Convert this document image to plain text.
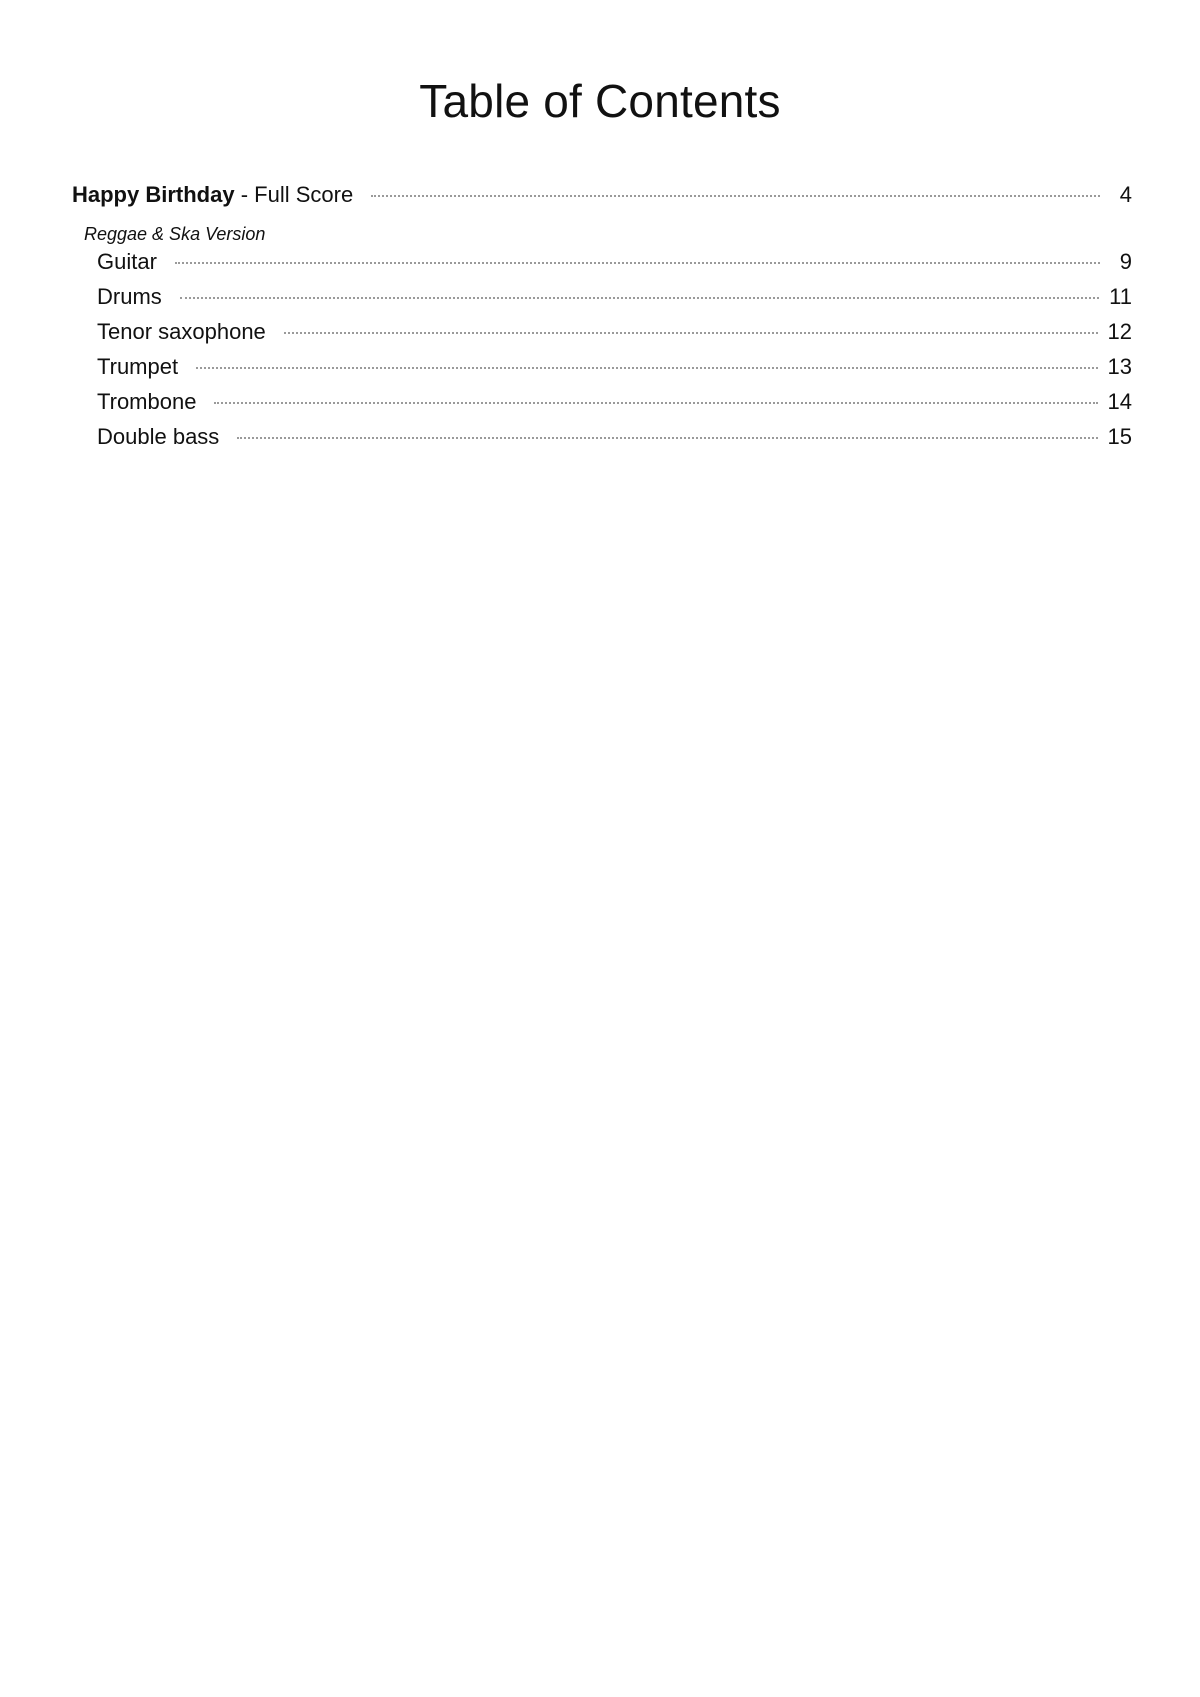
Table of Contents
Happy Birthday - Full Score	4
Reggae & Ska Version
Guitar	9
Drums	11
Tenor saxophone	12
Trumpet	13
Trombone	14
Double bass	15
